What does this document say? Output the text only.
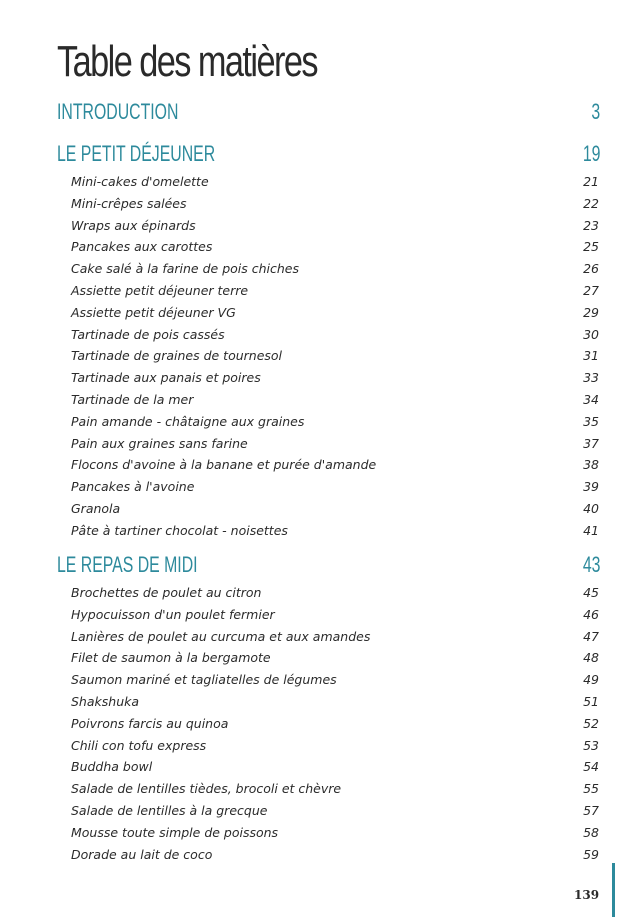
Table des matières
INTRODUCTION	3
LE PETIT DÉJEUNER	19
Mini-cakes d'omelette	21
Mini-crêpes salées	22
Wraps aux épinards	23
Pancakes aux carottes	25
Cake salé à la farine de pois chiches	26
Assiette petit déjeuner terre	27
Assiette petit déjeuner VG	29
Tartinade de pois cassés	30
Tartinade de graines de tournesol	31
Tartinade aux panais et poires	33
Tartinade de la mer	34
Pain amande - châtaigne aux graines	35
Pain aux graines sans farine	37
Flocons d'avoine à la banane et purée d'amande	38
Pancakes à l'avoine	39
Granola	40
Pâte à tartiner chocolat - noisettes	41
LE REPAS DE MIDI	43
Brochettes de poulet au citron	45
Hypocuisson d'un poulet fermier	46
Lanières de poulet au curcuma et aux amandes	47
Filet de saumon à la bergamote	48
Saumon mariné et tagliatelles de légumes	49
Shakshuka	51
Poivrons farcis au quinoa	52
Chili con tofu express	53
Buddha bowl	54
Salade de lentilles tièdes, brocoli et chèvre	55
Salade de lentilles à la grecque	57
Mousse toute simple de poissons	58
Dorade au lait de coco	59
139
